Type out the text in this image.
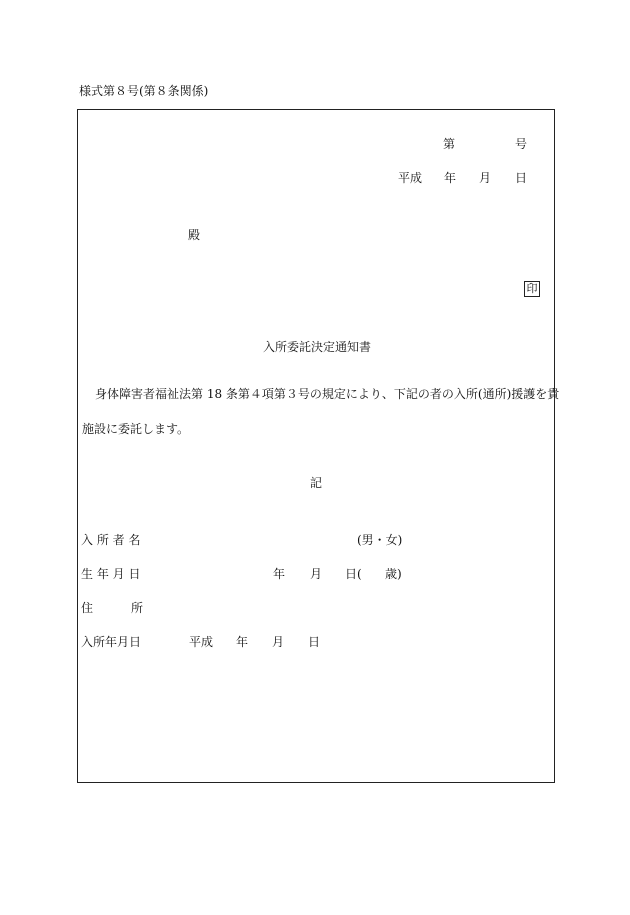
様式第８号(第８条関係)
第	号
平成 年 月 日
殿
印
入所委託決定通知書
身体障害者福祉法第 18 条第４項第３号の規定により、下記の者の入所(通所)援護を貴
施設に委託します。
記
入 所 者 名	(男・女)
生 年 月 日	年 月 日( 歳)
住	所
入所年月日	平成 年 月 日
